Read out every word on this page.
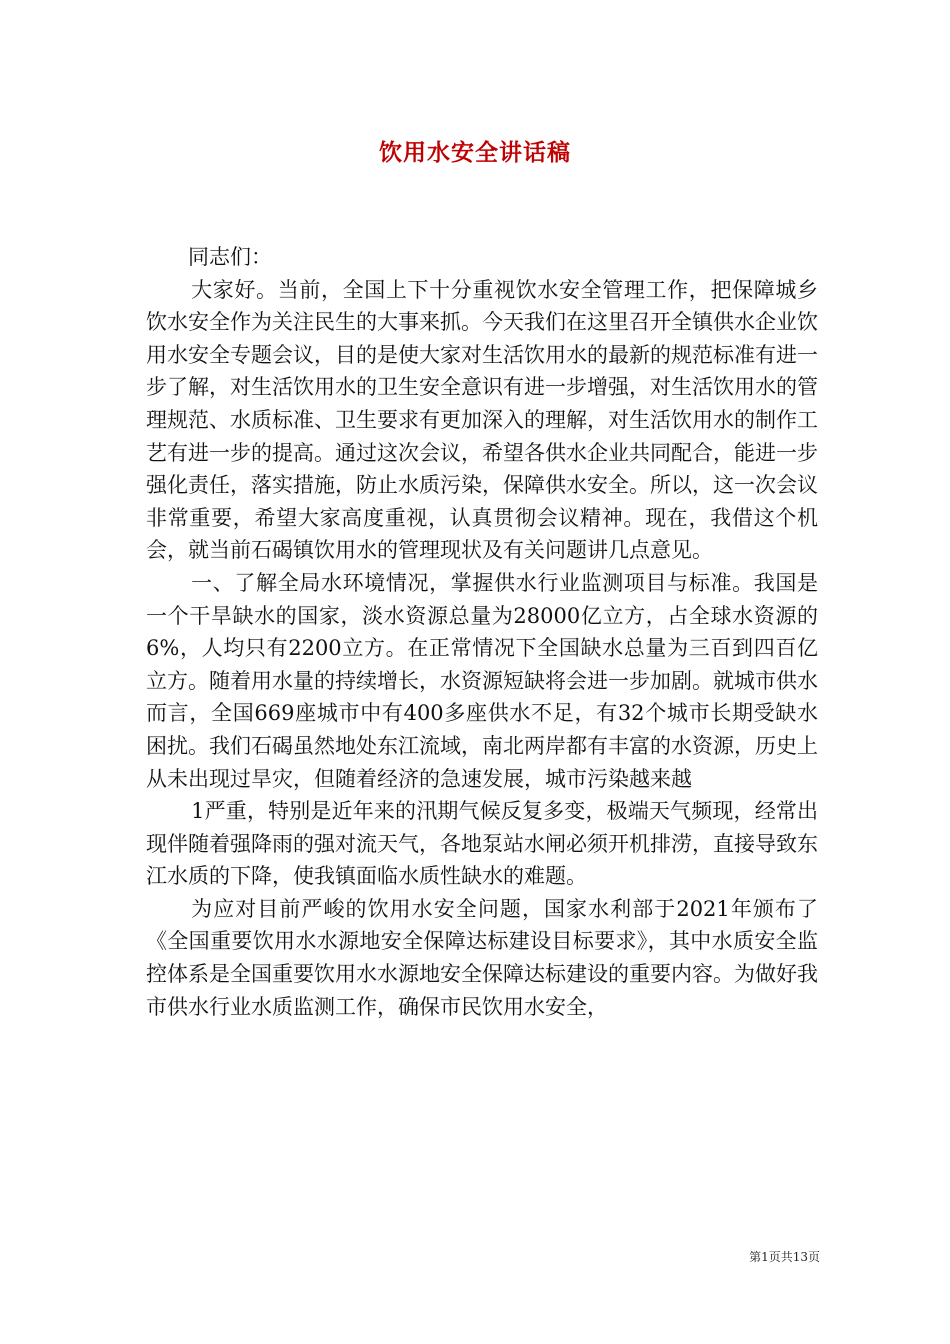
饮用水安全讲话稿

同志们：

大家好。当前，全国上下十分重视饮水安全管理工作，把保障城乡饮水安全作为关注民生的大事来抓。今天我们在这里召开全镇供水企业饮用水安全专题会议，目的是使大家对生活饮用水的最新的规范标准有进一步了解，对生活饮用水的卫生安全意识有进一步增强，对生活饮用水的管理规范、水质标准、卫生要求有更加深入的理解，对生活饮用水的制作工艺有进一步的提高。通过这次会议，希望各供水企业共同配合，能进一步强化责任，落实措施，防止水质污染，保障供水安全。所以，这一次会议非常重要，希望大家高度重视，认真贯彻会议精神。现在，我借这个机会，就当前石碣镇饮用水的管理现状及有关问题讲几点意见。

一、了解全局水环境情况，掌握供水行业监测项目与标准。我国是一个干旱缺水的国家，淡水资源总量为28000亿立方，占全球水资源的6%，人均只有2200立方。在正常情况下全国缺水总量为三百到四百亿立方。随着用水量的持续增长，水资源短缺将会进一步加剧。就城市供水而言，全国669座城市中有400多座供水不足，有32个城市长期受缺水困扰。我们石碣虽然地处东江流域，南北两岸都有丰富的水资源，历史上从未出现过旱灾，但随着经济的急速发展，城市污染越来越

1严重，特别是近年来的汛期气候反复多变，极端天气频现，经常出现伴随着强降雨的强对流天气，各地泵站水闸必须开机排涝，直接导致东江水质的下降，使我镇面临水质性缺水的难题。

为应对目前严峻的饮用水安全问题，国家水利部于2021年颁布了《全国重要饮用水水源地安全保障达标建设目标要求》，其中水质安全监控体系是全国重要饮用水水源地安全保障达标建设的重要内容。为做好我市供水行业水质监测工作，确保市民饮用水安全，

第1页共13页
